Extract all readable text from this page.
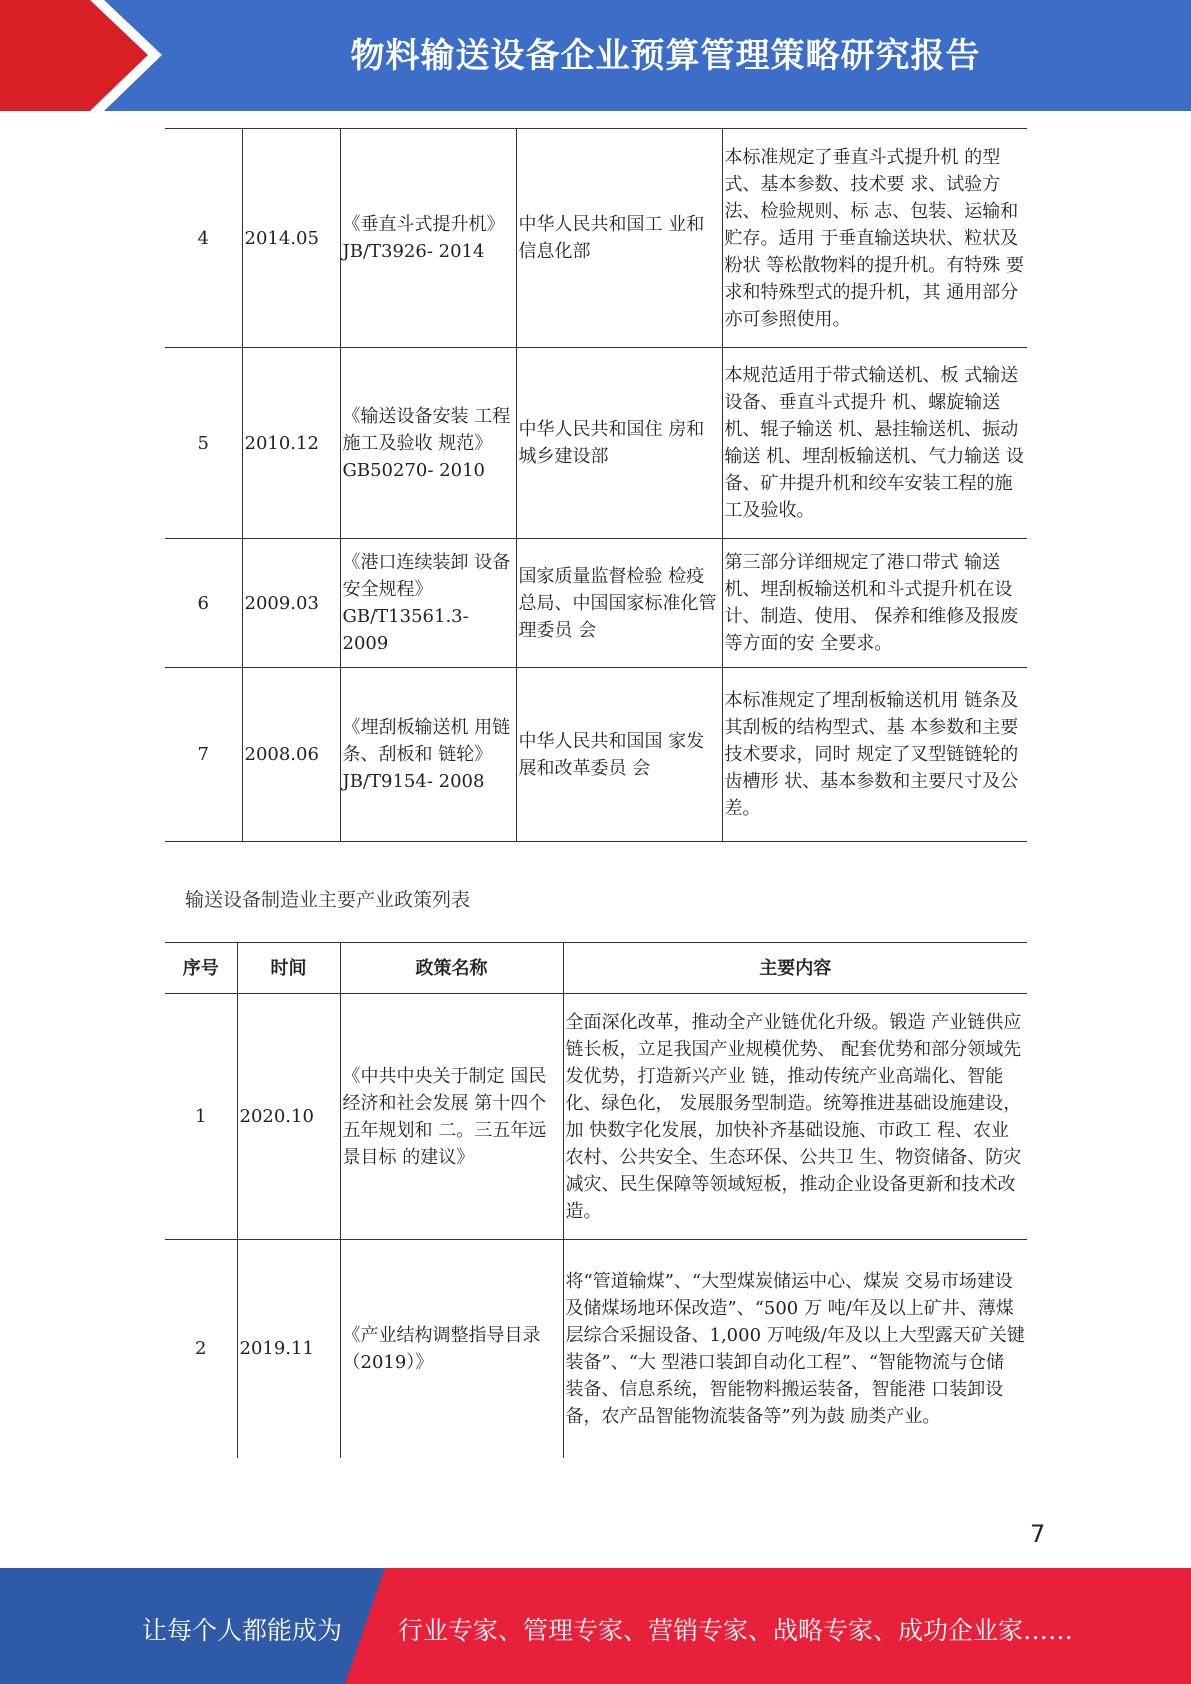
物料输送设备企业预算管理策略研究报告
4	2014.05	《垂直斗式提升机》JB/T3926- 2014	中华人民共和国工 业和信息化部	本标准规定了垂直斗式提升机 的型式、基本参数、技术要 求、试验方法、检验规则、标 志、包装、运输和贮存。适用 于垂直输送块状、粒状及粉状 等松散物料的提升机。有特殊 要求和特殊型式的提升机，其 通用部分亦可参照使用。
5	2010.12	《输送设备安装 工程施工及验收 规范》GB50270- 2010	中华人民共和国住 房和城乡建设部	本规范适用于带式输送机、板 式输送设备、垂直斗式提升 机、螺旋输送机、辊子输送 机、悬挂输送机、振动输送 机、埋刮板输送机、气力输送 设备、矿井提升机和绞车安装工程的施工及验收。
6	2009.03	《港口连续装卸 设备安全规程》GB/T13561.3- 2009	国家质量监督检验 检疫总局、中国国家标准化管理委员 会	第三部分详细规定了港口带式 输送机、埋刮板输送机和斗式提升机在设计、制造、使用、 保养和维修及报废等方面的安 全要求。
7	2008.06	《埋刮板输送机 用链条、刮板和 链轮》JB/T9154- 2008	中华人民共和国国 家发展和改革委员 会	本标准规定了埋刮板输送机用 链条及其刮板的结构型式、基 本参数和主要技术要求，同时 规定了叉型链链轮的齿槽形 状、基本参数和主要尺寸及公 差。
输送设备制造业主要产业政策列表
序号	时间	政策名称	主要内容
1	2020.10	《中共中央关于制定 国民经济和社会发展 第十四个五年规划和 二。三五年远景目标 的建议》	全面深化改革，推动全产业链优化升级。锻造 产业链供应链长板，立足我国产业规模优势、 配套优势和部分领域先发优势，打造新兴产业 链，推动传统产业高端化、智能化、绿色化， 发展服务型制造。统筹推进基础设施建设，加 快数字化发展，加快补齐基础设施、市政工 程、农业农村、公共安全、生态环保、公共卫 生、物资储备、防灾减灾、民生保障等领域短板，推动企业设备更新和技术改造。
2	2019.11	《产业结构调整指导目录（2019）》	将“管道输煤”、“大型煤炭储运中心、煤炭 交易市场建设及储煤场地环保改造”、“500 万 吨/年及以上矿井、薄煤层综合采掘设备、1,000 万吨级/年及以上大型露天矿关键装备”、“大 型港口装卸自动化工程”、“智能物流与仓储 装备、信息系统，智能物料搬运装备，智能港 口装卸设备，农产品智能物流装备等”列为鼓 励类产业。
7
让每个人都能成为 行业专家、管理专家、营销专家、战略专家、成功企业家……
